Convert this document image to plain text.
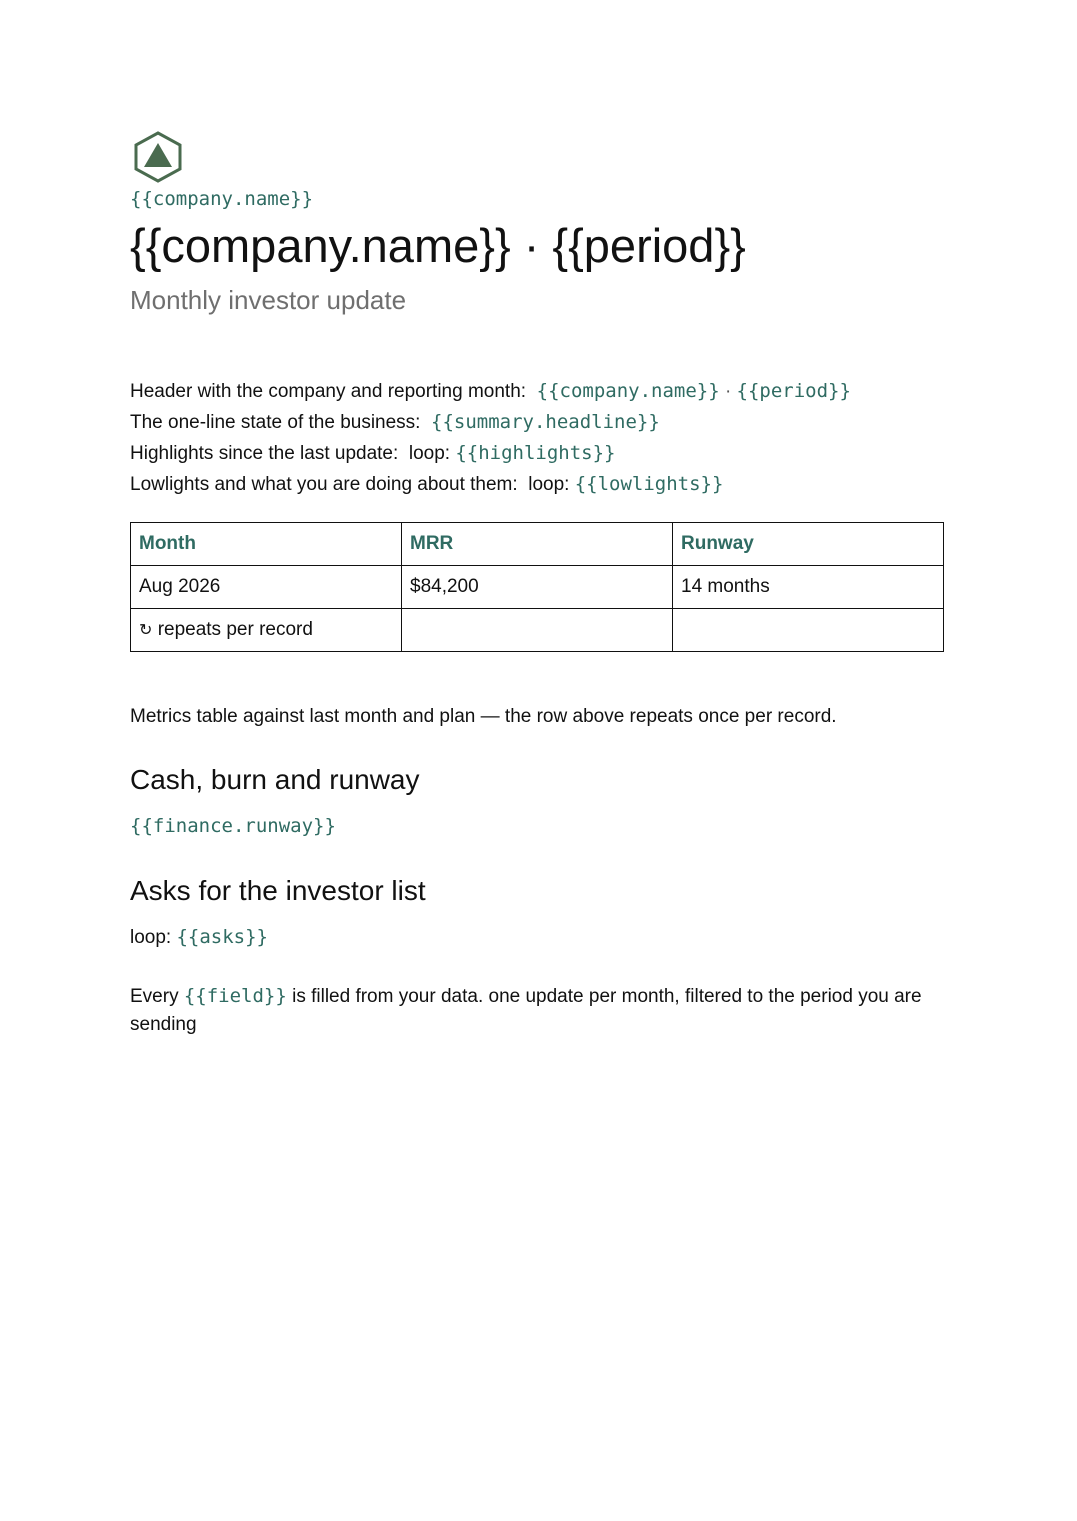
{{company.name}}
{{company.name}} · {{period}}
Monthly investor update
Header with the company and reporting month: {{company.name}} · {{period}}
The one-line state of the business: {{summary.headline}}
Highlights since the last update: loop: {{highlights}}
Lowlights and what you are doing about them: loop: {{lowlights}}
Month	MRR	Runway
Aug 2026	$84,200	14 months
↻ repeats per record		
Metrics table against last month and plan — the row above repeats once per record.
Cash, burn and runway
{{finance.runway}}
Asks for the investor list
loop: {{asks}}
Every {{field}} is filled from your data. one update per month, filtered to the period you are sending
